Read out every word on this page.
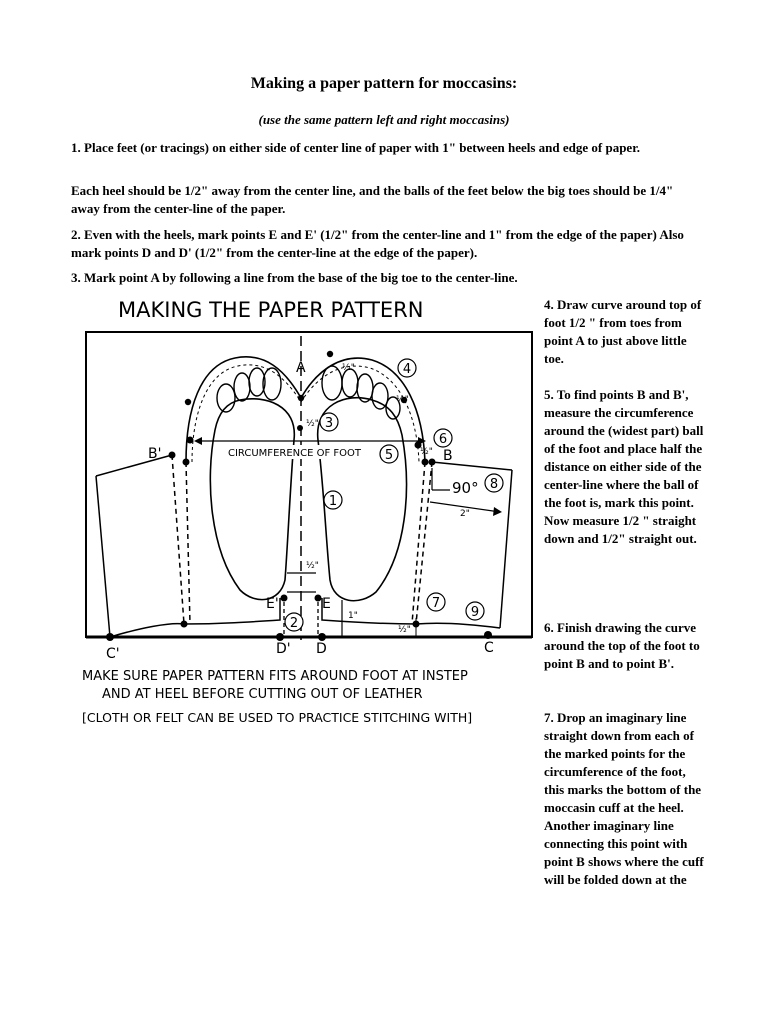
Making a paper pattern for moccasins:
(use the same pattern left and right moccasins)

1. Place feet (or tracings) on either side of center line of paper with 1" between heels and edge of paper.

Each heel should be 1/2" away from the center line, and the balls of the feet below the big toes should be 1/4" away from the center-line of the paper.

2. Even with the heels, mark points E and E' (1/2" from the center-line and 1" from the edge of the paper) Also mark points D and D' (1/2" from the center-line at the edge of the paper).

3. Mark point A by following a line from the base of the big toe to the center-line.

4. Draw curve around top of foot 1/2 " from toes from point A to just above little toe.

5. To find points B and B', measure the circumference around the (widest part) ball of the foot and place half the distance on either side of the center-line where the ball of the foot is, mark this point. Now measure 1/2 " straight down and 1/2" straight out.

6. Finish drawing the curve around the top of the foot to point B and to point B'.

7. Drop an imaginary line straight down from each of the marked points for the circumference of the foot, this marks the bottom of the moccasin cuff at the heel. Another imaginary line connecting this point with point B shows where the cuff will be folded down at the

MAKING THE PAPER PATTERN
CIRCUMFERENCE OF FOOT
A
B
B'
C
C'	D
D'
E
E'
½"
½"
½"
½"
½"
½"
1"
2"
90°
1
2
3
4
5
6
7
8
9
MAKE SURE PAPER PATTERN FITS AROUND FOOT AT INSTEP
AND AT HEEL BEFORE CUTTING OUT OF LEATHER
[CLOTH OR FELT CAN BE USED TO PRACTICE STITCHING WITH]
